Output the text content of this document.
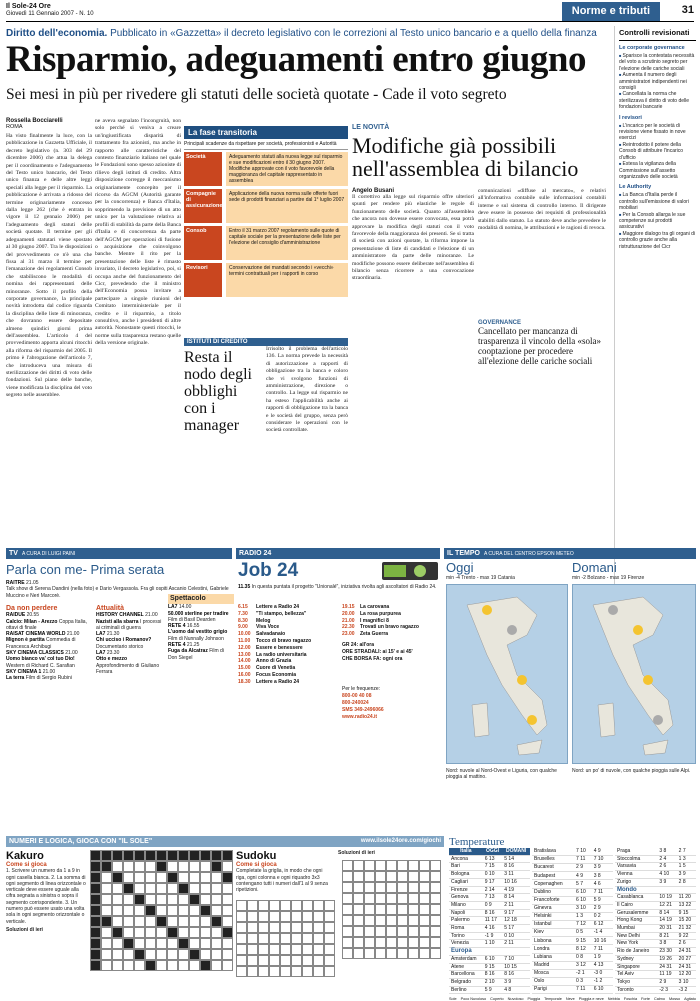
Il Sole-24 Ore
Giovedì 11 Gennaio 2007 - N. 10	Norme e tributi	31
Diritto dell'economia. Pubblicato in «Gazzetta» il decreto legislativo con le correzioni al Testo unico bancario e a quello della finanza
Risparmio, adeguamenti entro giugno
Sei mesi in più per rivedere gli statuti delle società quotate - Cade il voto segreto
Rossella Bocciarelli
ROMA
Ha visto finalmente la luce, con la pubblicazione in Gazzetta Ufficiale, il decreto legislativo (n. 303 del 29 dicembre 2006) che attua la delega per il coordinamento e l'adeguamento del Testo unico bancario, del Testo unico finanza e delle altre leggi speciali alla legge per il risparmio. La pubblicazione è arrivata a ridosso del termine originariamente concesso dalla legge 262 (che è entrata in vigore il 12 gennaio 2006) per l'adeguamento degli statuti delle società quotate. Il termine per gli adeguamenti statutari viene spostato al 30 giugno 2007. Tra le disposizioni del provvedimento ce n'è una che fissa al 31 marzo il termine per l'emanazione dei regolamenti Consob che stabiliscono le modalità di nomina dei rappresentanti delle minoranze. Sotto il profilo della corporate governance, la principale novità introdotta dal codice riguarda la disciplina delle liste di minoranza, che dovranno essere depositate almeno quindici giorni prima dell'assemblea. L'articolo 4 del provvedimento apporta alcuni ritocchi alla riforma del risparmio del 2005. Il primo è l'abrogazione dell'articolo 7, che introduceva una misura di sterilizzazione dei diritti di voto delle fondazioni. Sul piano delle banche, viene modificata la disciplina del voto segreto nelle assemblee.
ne aveva segnalato l'incongruità, non solo perché si veniva a creare un'ingiustificata disparità di trattamento fra azionisti, ma anche in rapporto alle caratteristiche del contesto finanziario italiano nel quale le Fondazioni sono spesso azioniste di rilievo degli istituti di credito. Altra disposizione corregge il meccanismo originariamente concepito per il ricorso da AGCM (Autorità garante per la concorrenza) e Banca d'Italia, sopprimendo la previsione di un atto unico per la valutazione relativa ai profili di stabilità da parte della Banca d'Italia e di concorrenza da parte dell'AGCM per operazioni di fusione o acquisizione che coinvolgono banche. Mentre il rito per la presentazione delle liste è rimasto invariato, il decreto legislativo, poi, si occupa anche del funzionamento del Cicr, prevedendo che il ministro dell'Economia possa invitare a partecipare a singole riunioni del Comitato interministeriale per il credito e il risparmio, a titolo consultivo, anche i presidenti di altre autorità. Nonostante questi ritocchi, le norme sulla trasparenza restano quelle della versione originale.
La fase transitoria
Principali scadenze da rispettare per società, professionisti e Autorità
Società	Adeguamento statuti alla nuova legge sul risparmio e sue modificazioni entro il 30 giugno 2007. Modifiche approvate con il voto favorevole della maggioranza del capitale rappresentato in assemblea
Compagnie di assicurazione
Applicazione della nuova norma sulle offerte fuori sede di prodotti finanziari a partire dal 1° luglio 2007
Consob	Entro il 31 marzo 2007 regolamento sulle quote di capitale sociale per la presentazione delle liste per l'elezione del consiglio d'amministrazione
Revisori	Conservazione dei mandati secondo i «vecchi» termini contrattuali per i rapporti in corso
ISTITUTI DI CREDITO
Resta il nodo degli obblighi con i manager
Irrisolto il problema dell'articolo 136. La norma prevede la necessità di autorizzazione a rapporti di obbligazione tra la banca e coloro che vi svolgono funzioni di amministrazione, direzione o controllo. La legge sul risparmio ne ha esteso l'applicabilità anche ai rapporti di obbligazione tra la banca e le società del gruppo, senza però considerare le operazioni con le società controllate.
LE NOVITÀ
Modifiche già possibili nell'assemblea di bilancio
Angelo Busani
Il correttivo alla legge sul risparmio offre ulteriori spunti per rendere più elastiche le regole di funzionamento delle società. Quanto all'assemblea che ancora non dovesse essere convocata, essa potrà approvare la modifica degli statuti con il voto favorevole della maggioranza dei presenti. Se si tratta di società con azioni quotate, la riforma impone la presentazione di liste di candidati e l'elezione di un amministratore da parte delle minoranze. Le modifiche possono essere deliberate nell'assemblea di bilancio senza ricorrere a una convocazione straordinaria.
comunicazioni «diffuse al mercato», e relativi all'informativa contabile sulle informazioni contabili interne e sul sistema di controllo interno. Il dirigente deve essere in possesso dei requisiti di professionalità stabiliti dallo statuto. Lo statuto deve anche prevedere le modalità di nomina, le attribuzioni e le ragioni di revoca.
GOVERNANCE
Cancellato per mancanza di trasparenza il vincolo della «sola» cooptazione per procedere all'elezione delle cariche sociali
Controlli revisionati
Le corporate governance
■ Sparisce la contestata necessità del voto a scrutinio segreto per l'elezione delle cariche sociali
■ Aumenta il numero degli amministratori indipendenti nei consigli
■ Cancellata la norma che sterilizzava il diritto di voto delle fondazioni bancarie
I revisori
■ L'incarico per le società di revisione viene fissato in nove esercizi
■ Reintrodotto il potere della Consob di attribuire l'incarico d'ufficio
■ Estesa la vigilanza della Commissione sull'assetto organizzativo delle società
Le Authority
■ La Banca d'Italia perde il controllo sull'emissione di valori mobiliari
■ Per la Consob allarga le sue competenze sui prodotti assicurativi
■ Maggiore dialogo tra gli organi di controllo grazie anche alla ristrutturazione del Cicr
TV A CURA DI LUIGI PAINI
Parla con me- Prima serata
RAITRE 21.05
Talk show di Serena Dandini (nella foto) e Dario Vergassola. Fra gli ospiti Ascanio Celestini, Gabriele Muccino e Neri Marcorè.
Da non perdere
RAIDUE 20.55
Calcio: Milan - Arezzo Coppa Italia, ottavi di finale
RAISAT CINEMA WORLD 21.00
Mignon è partita Commedia di Francesca Archibugi
SKY CINEMA CLASSICS 21.00
Uomo bianco va' col tuo Dio! Western di Richard C. Sarafian
SKY CINEMA 1 21.00
La terra Film di Sergio Rubini
Attualità
HISTORY CHANNEL 21.00
Nazisti alla sbarra I processi ai criminali di guerra
LA7 21.30
Chi ucciso i Romanov? Documentario storico
LA7 23.30
Otto e mezzo Approfondimento di Giuliano Ferrara
Spettacolo
LA7 14.00
50.000 sterline per tradire Film di Basil Dearden
RETE 4 16.55
L'uomo dal vestito grigio Film di Nunnally Johnson
RETE 4 21.25
Fuga da Alcatraz Film di Don Siegel
RADIO 24
Job 24
11.35 In questa puntata il progetto "Unionalé", iniziativa rivolta agli ascoltatori di Radio 24.
6.15	Lettere a Radio 24
7.30	"Ti stampo, bellezza"
8.30	Melog
9.00	Viva Voce
10.00	Salvadanaio
11.00	Tocco di bravo ragazzo
12.00	Essere e benessere
13.00	La radio universitaria
14.00	Anno di Grazia
15.00	Cuore di Venetia
16.00	Focus Economia
18.30	Lettere a Radio 24
19.15	La carovana
20.00	La rosa purpurea
21.00	I magnifici 8
22.30	Trovati un bravo ragazzo
23.00	Zeta Guerra
GR 24: all'ora
ORE STRADALI: ai 15' e ai 45'
CHE BORSA FA: ogni ora
Per le frequenze:
800-00 40 08
800-240024
SMS 349-2496066
www.radio24.it
IL TEMPO A CURA DEL CENTRO EPSON METEO
Oggi	Domani
min -4 Trento - max 19 Catania	min -2 Bolzano - max 19 Firenze
Nord: nuvole al Nord-Ovest e Liguria, con qualche pioggia al mattino.
Nord: un po' di nuvole, con qualche pioggia sulle Alpi.
NUMERI E LOGICA, GIOCA CON "IL SOLE"	www.ilsole24ore.com/giochi
Kakuro
Come si gioca
1. Scrivere un numero da 1 a 9 in ogni casella bianca. 2. La somma di ogni segmento di linea orizzontale o verticale deve essere uguale alla cifra segnata a sinistra o sopra il segmento corrispondente. 3. Un numero può essere usato una volta sola in ogni segmento orizzontale o verticale.
Soluzioni di ieri
Sudoku
Come si gioca
Completate la griglia, in modo che ogni riga, ogni colonna e ogni riquadro 3x3 contengano tutti i numeri dall'1 al 9 senza ripetizioni.
Soluzioni di ieri
Temperature
Italia	OGGI	DOMANI
Ancona	6 13	5 14
Bari	7 15	8 16
Bologna	0 10	3 11
Cagliari	9 17	10 16
Firenze	2 14	4 19
Genova	7 13	8 14
Milano	0 9	2 11
Napoli	8 16	9 17
Palermo	11 17	12 18
Roma	4 16	5 17
Torino	-1 9	0 10
Venezia	1 10	2 11
Europa		
Amsterdam	6 10	7 10
Atene	9 15	10 15
Barcellona	8 16	8 16
Belgrado	2 10	3 9
Berlino	5 9	4 8
Bratislava	7 10	4 9
Bruxelles	7 11	7 10
Bucarest	2 9	3 9
Budapest	4 9	3 8
Copenaghen	5 7	4 6
Dublino	6 10	7 11
Francoforte	6 10	5 9
Ginevra	3 10	2 9
Helsinki	1 3	0 2
Istanbul	7 12	6 12
Kiev	0 5	-1 4
Lisbona	9 15	10 16
Londra	8 12	7 11
Lubiana	0 8	1 9
Madrid	3 12	4 13
Mosca	-2 1	-3 0
Oslo	0 3	-1 2
Parigi	7 11	6 10
Praga	3 8	2 7
Stoccolma	2 4	1 3
Varsavia	2 6	1 5
Vienna	4 10	3 9
Zurigo	3 9	2 8
Mondo		
Casablanca	10 19	11 20
Il Cairo	12 21	13 22
Gerusalemme	8 14	9 15
Hong Kong	14 19	15 20
Mumbai	20 31	21 32
New Delhi	8 21	9 22
New York	3 8	2 6
Rio de Janeiro	23 30	24 31
Sydney	19 26	20 27
Singapore	24 31	24 31
Tel Aviv	11 19	12 20
Tokyo	2 9	3 10
Toronto	-2 3	-3 2
Sole Poco Nuvoloso Coperto Nuvoloso Pioggia Temporale Neve Pioggia e neve Nebbia Foschia Forte Calmo Mosso Agitato
